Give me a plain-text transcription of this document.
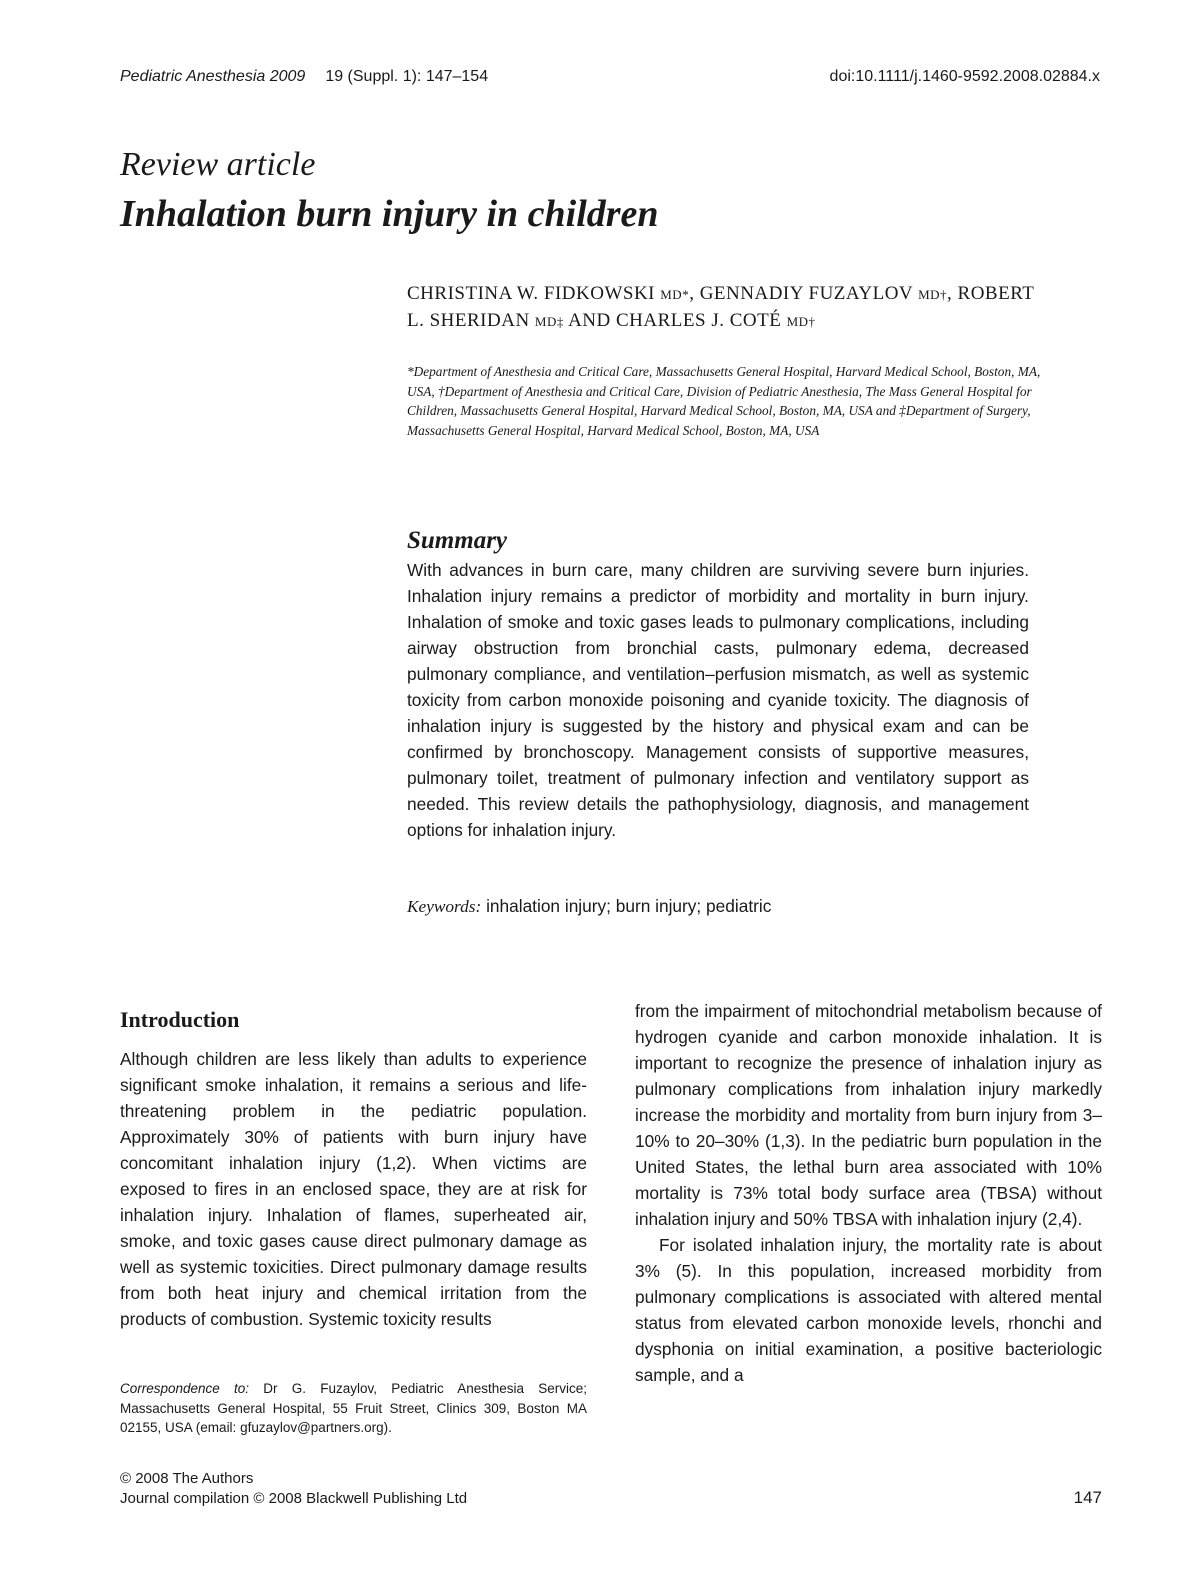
Pediatric Anesthesia 2009 19 (Suppl. 1): 147–154	doi:10.1111/j.1460-9592.2008.02884.x
Review article
Inhalation burn injury in children
CHRISTINA W. FIDKOWSKI MD*, GENNADIY FUZAYLOV MD†, ROBERT L. SHERIDAN MD‡ AND CHARLES J. COTÉ MD†
*Department of Anesthesia and Critical Care, Massachusetts General Hospital, Harvard Medical School, Boston, MA, USA, †Department of Anesthesia and Critical Care, Division of Pediatric Anesthesia, The Mass General Hospital for Children, Massachusetts General Hospital, Harvard Medical School, Boston, MA, USA and ‡Department of Surgery, Massachusetts General Hospital, Harvard Medical School, Boston, MA, USA
Summary

With advances in burn care, many children are surviving severe burn injuries. Inhalation injury remains a predictor of morbidity and mortality in burn injury. Inhalation of smoke and toxic gases leads to pulmonary complications, including airway obstruction from bronchial casts, pulmonary edema, decreased pulmonary compliance, and ventilation–perfusion mismatch, as well as systemic toxicity from carbon monoxide poisoning and cyanide toxicity. The diagnosis of inhalation injury is suggested by the history and physical exam and can be confirmed by bronchoscopy. Management consists of supportive measures, pulmonary toilet, treatment of pulmonary infection and ventilatory support as needed. This review details the pathophysiology, diagnosis, and management options for inhalation injury.

Keywords: inhalation injury; burn injury; pediatric
Introduction

Although children are less likely than adults to experience significant smoke inhalation, it remains a serious and life-threatening problem in the pediatric population. Approximately 30% of patients with burn injury have concomitant inhalation injury (1,2). When victims are exposed to fires in an enclosed space, they are at risk for inhalation injury. Inhalation of flames, superheated air, smoke, and toxic gases cause direct pulmonary damage as well as systemic toxicities. Direct pulmonary damage results from both heat injury and chemical irritation from the products of combustion. Systemic toxicity results

from the impairment of mitochondrial metabolism because of hydrogen cyanide and carbon monoxide inhalation. It is important to recognize the presence of inhalation injury as pulmonary complications from inhalation injury markedly increase the morbidity and mortality from burn injury from 3–10% to 20–30% (1,3). In the pediatric burn population in the United States, the lethal burn area associated with 10% mortality is 73% total body surface area (TBSA) without inhalation injury and 50% TBSA with inhalation injury (2,4).

For isolated inhalation injury, the mortality rate is about 3% (5). In this population, increased morbidity from pulmonary complications is associated with altered mental status from elevated carbon monoxide levels, rhonchi and dysphonia on initial examination, a positive bacteriologic sample, and a

Correspondence to: Dr G. Fuzaylov, Pediatric Anesthesia Service; Massachusetts General Hospital, 55 Fruit Street, Clinics 309, Boston MA 02155, USA (email: gfuzaylov@partners.org).

© 2008 The Authors
Journal compilation © 2008 Blackwell Publishing Ltd	147
